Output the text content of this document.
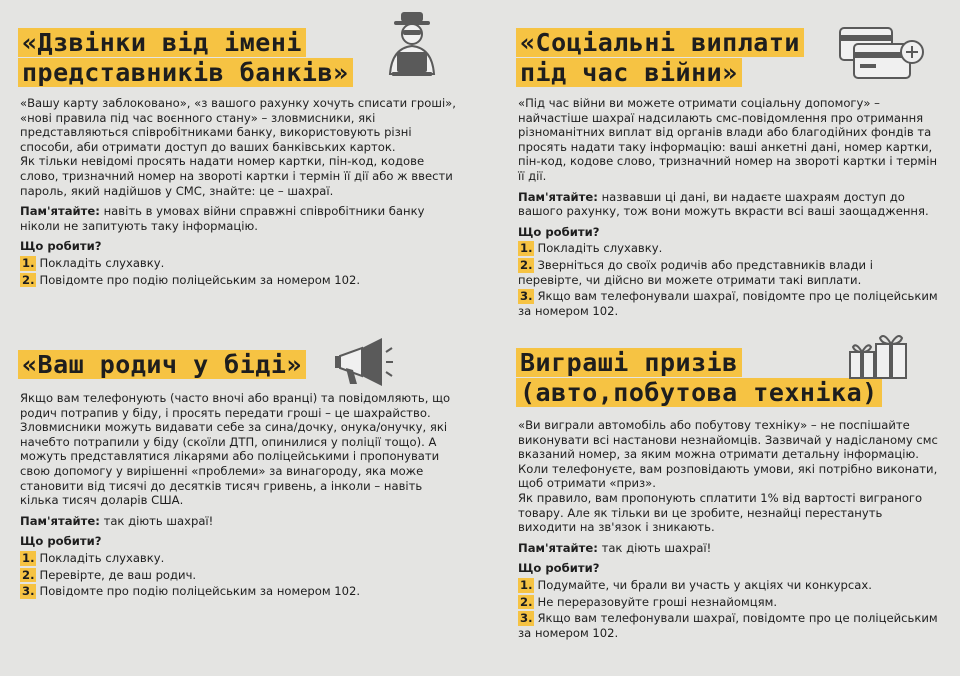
«Дзвінки від імені
представників банків»

«Вашу карту заблоковано», «з вашого рахунку хочуть списати гроші», «нові правила під час воєнного стану» – зловмисники, які представляються співробітниками банку, використовують різні способи, аби отримати доступ до ваших банківських карток.

Як тільки невідомі просять надати номер картки, пін-код, кодове слово, тризначний номер на звороті картки і термін її дії або ж ввести пароль, який надійшов у СМС, знайте: це – шахраї.

Пам'ятайте: навіть в умовах війни справжні співробітники банку ніколи не запитують таку інформацію.

Що робити?

1. Покладіть слухавку.

2. Повідомте про подію поліцейським за номером 102.

«Ваш родич у біді»

Якщо вам телефонують (часто вночі або вранці) та повідомляють, що родич потрапив у біду, і просять передати гроші – це шахрайство.

Зловмисники можуть видавати себе за сина/дочку, онука/онучку, які начебто потрапили у біду (скоїли ДТП, опинилися у поліції тощо). А можуть представлятися лікарями або поліцейськими і пропонувати свою допомогу у вирішенні «проблеми» за винагороду, яка може становити від тисячі до десятків тисяч гривень, а інколи – навіть кілька тисяч доларів США.

Пам'ятайте: так діють шахраї!

Що робити?

1. Покладіть слухавку.

2. Перевірте, де ваш родич.

3. Повідомте про подію поліцейським за номером 102.

«Соціальні виплати
під час війни»

«Під час війни ви можете отримати соціальну допомогу» – найчастіше шахраї надсилають смс-повідомлення про отримання різноманітних виплат від органів влади або благодійних фондів та просять надати таку інформацію: ваші анкетні дані, номер картки, пін-код, кодове слово, тризначний номер на звороті картки і термін її дії.

Пам'ятайте: назвавши ці дані, ви надаєте шахраям доступ до вашого рахунку, тож вони можуть вкрасти всі ваші заощадження.

Що робити?

1. Покладіть слухавку.

2. Зверніться до своїх родичів або представників влади і перевірте, чи дійсно ви можете отримати такі виплати.

3. Якщо вам телефонували шахраї, повідомте про це поліцейським за номером 102.

Виграші призів
(авто,побутова техніка)

«Ви виграли автомобіль або побутову техніку» – не поспішайте виконувати всі настанови незнайомців. Зазвичай у надісланому смс вказаний номер, за яким можна отримати детальну інформацію. Коли телефонуєте, вам розповідають умови, які потрібно виконати, щоб отримати «приз».

Як правило, вам пропонують сплатити 1% від вартості виграного товару. Але як тільки ви це зробите, незнайці перестануть виходити на зв'язок і зникають.

Пам'ятайте: так діють шахраї!

Що робити?

1. Подумайте, чи брали ви участь у акціях чи конкурсах.

2. Не переразовуйте гроші незнайомцям.

3. Якщо вам телефонували шахраї, повідомте про це поліцейським за номером 102.
